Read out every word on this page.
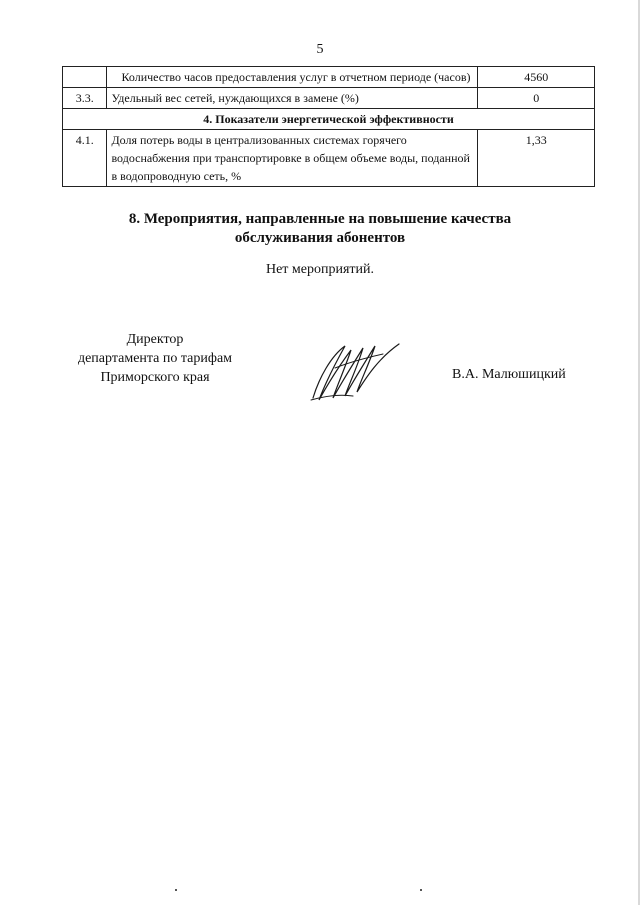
5
	Количество часов предоставления услуг в отчетном периоде (часов)	4560
3.3.	Удельный вес сетей, нуждающихся в замене (%)	0
4. Показатели энергетической эффективности		
4.1.	Доля потерь воды в централизованных системах горячего водоснабжения при транспортировке в общем объеме воды, поданной в водопроводную сеть, %	1,33
8. Мероприятия, направленные на повышение качества
обслуживания абонентов
Нет мероприятий.
Директор
департамента по тарифам
Приморского края	В.А. Малюшицкий
